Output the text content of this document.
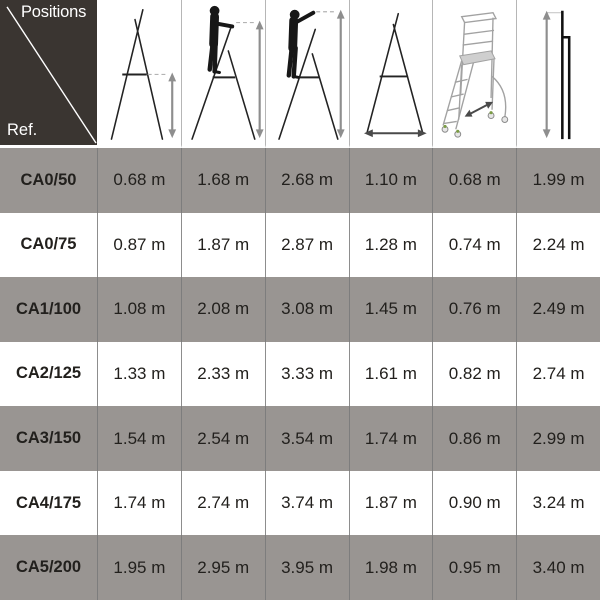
Positions
Ref.
CA0/50	0.68 m	1.68 m	2.68 m	1.10 m	0.68 m	1.99 m
CA0/75	0.87 m	1.87 m	2.87 m	1.28 m	0.74 m	2.24 m
CA1/100	1.08 m	2.08 m	3.08 m	1.45 m	0.76 m	2.49 m
CA2/125	1.33 m	2.33 m	3.33 m	1.61 m	0.82 m	2.74 m
CA3/150	1.54 m	2.54 m	3.54 m	1.74 m	0.86 m	2.99 m
CA4/175	1.74 m	2.74 m	3.74 m	1.87 m	0.90 m	3.24 m
CA5/200	1.95 m	2.95 m	3.95 m	1.98 m	0.95 m	3.40 m
